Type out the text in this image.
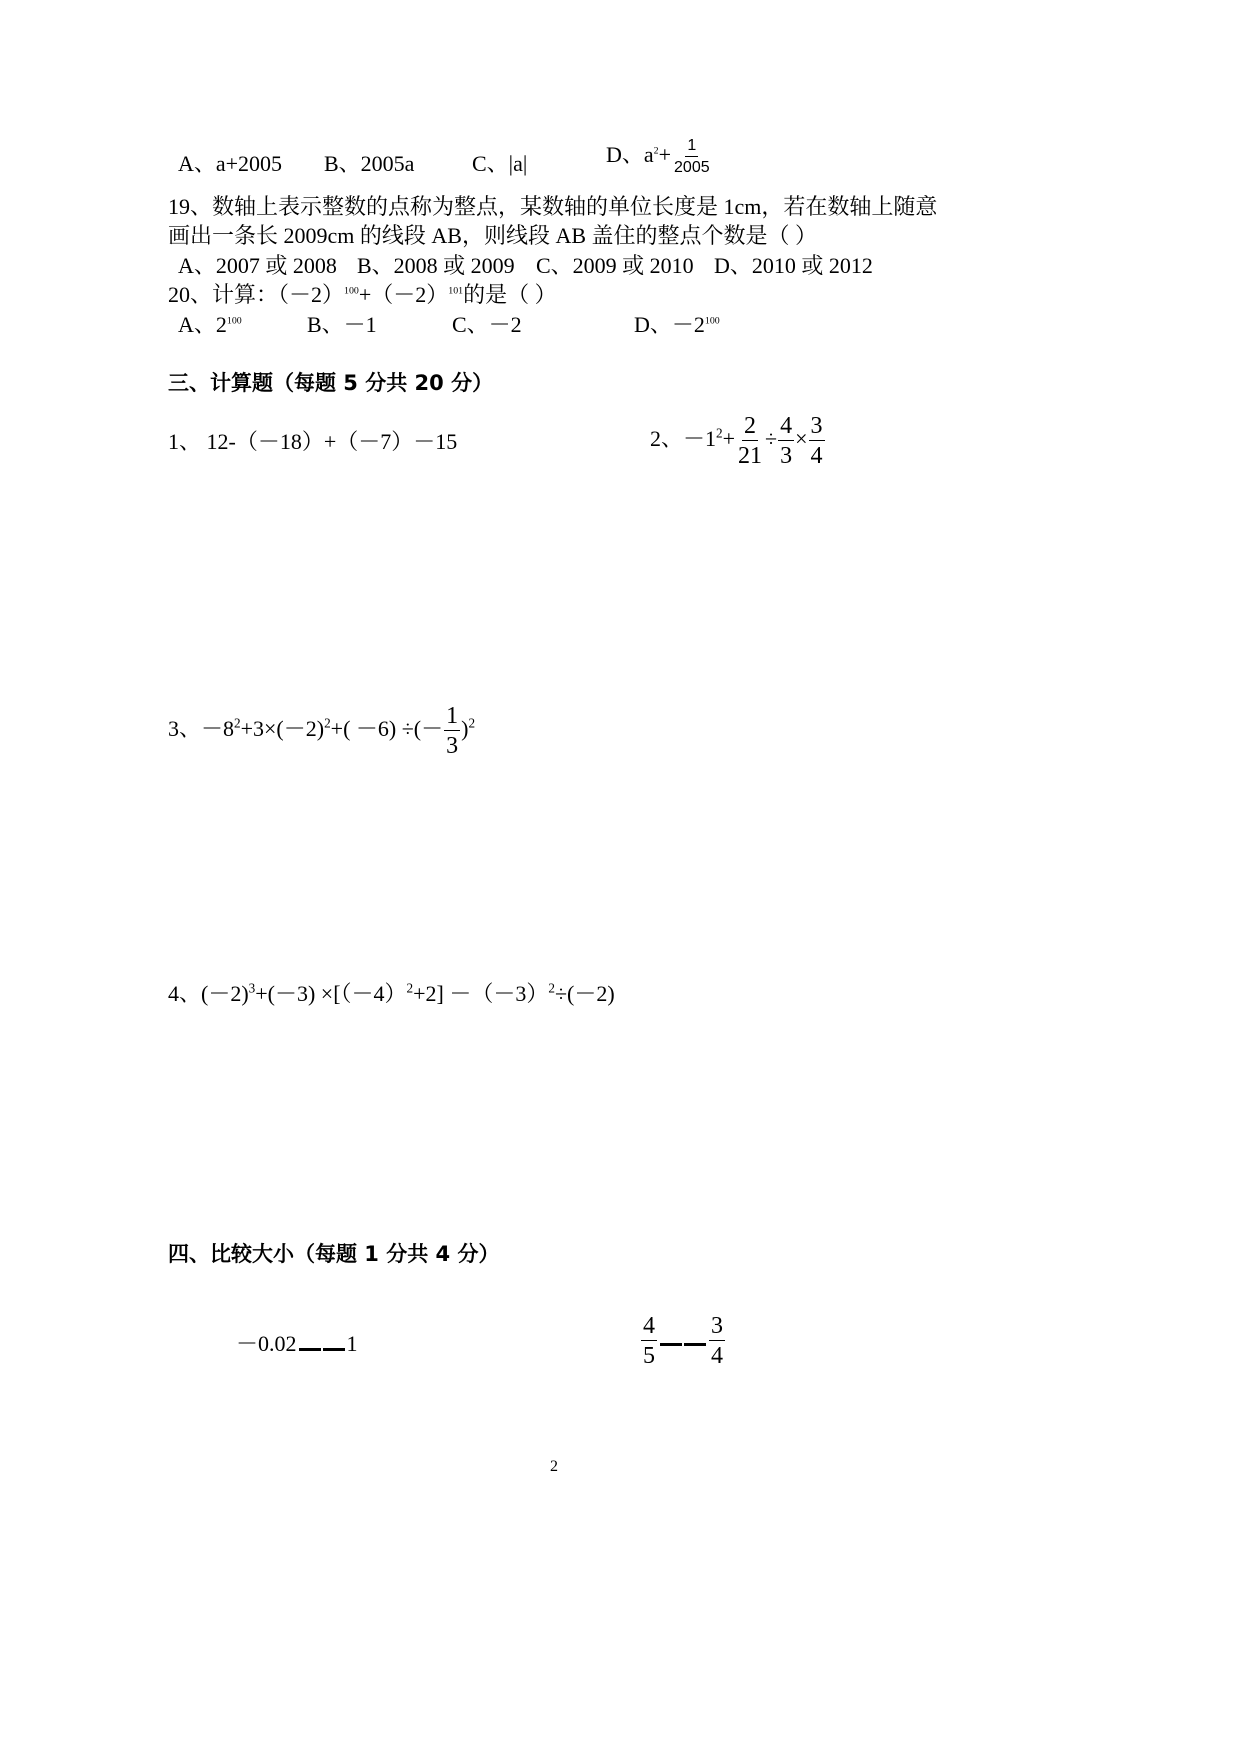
A、a+2005 B、2005a	C、|a|	D、$a^2+ \frac{1}{2005}$
19、数轴上表示整数的点称为整点，某数轴的单位长度是 1cm，若在数轴上随意
画出一条长 2009cm 的线段 AB，则线段 AB 盖住的整点个数是（ ）
A、2007 或 2008 B、2008 或 2009 C、2009 或 2010 D、2010 或 2012
20、计算：$(-2)^{100}+(-2)^{101}$的是（ ）
A、$2^{100}$	B、－1	C、－2	D、$-2^{100}$
三、计算题（每题 5 分共 20 分）
1、 12-（－18）+（－7）－15	2、$-1^2+ \frac{2}{21} \div \frac{4}{3} \times \frac{3}{4}$
3、$-8^2+3\times(-2)^2+( -6)$ ÷(－ $\frac{1}{3} )^2$
4、$(-2)^3+(-3) \times[(-4)^2+2] -(-3)^2\div(-2)$
四、比较大小（每题 1 分共 4 分）
－0.02 1	$\frac{4}{5} \frac{3}{4}$
2
